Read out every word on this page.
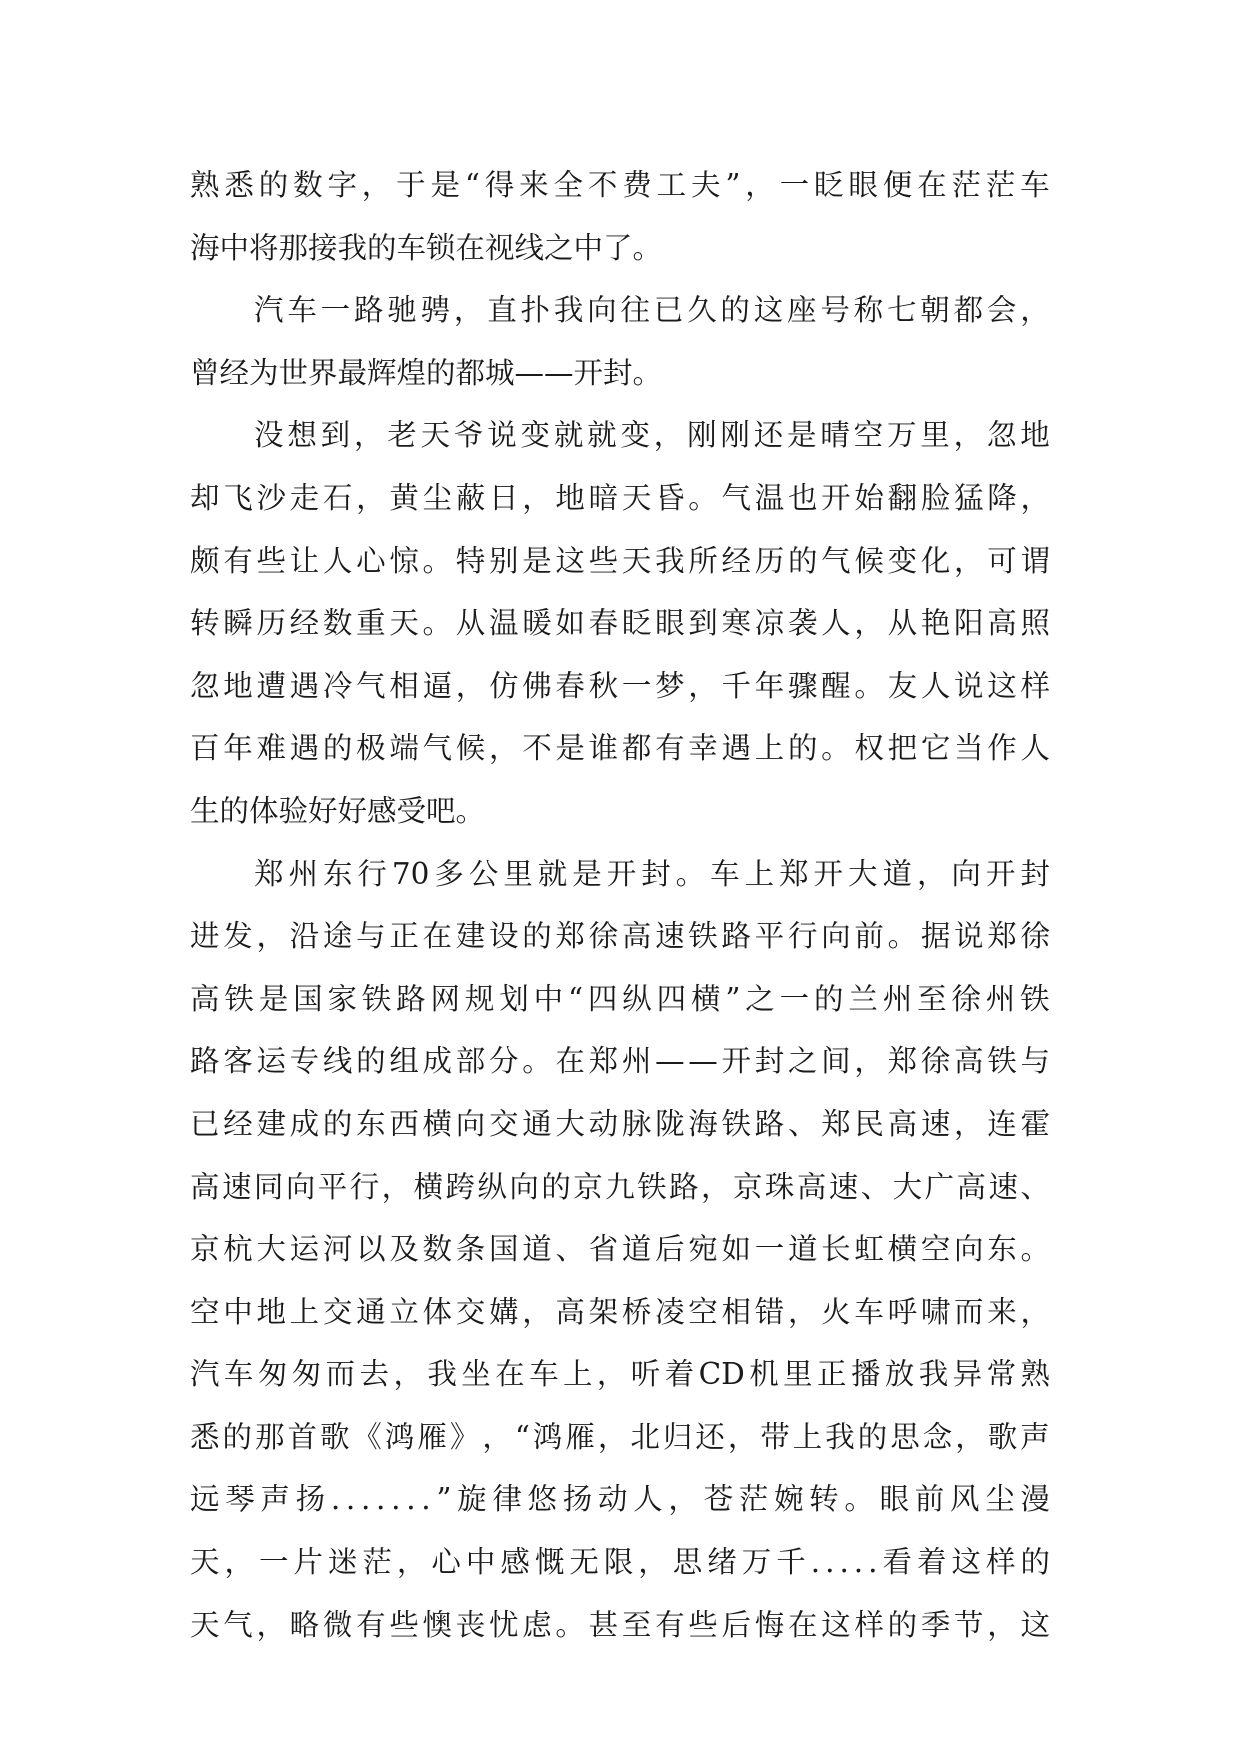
熟 悉 的 数 字 ， 于 是 “ 得 来 全 不 费 工 夫 ” ， 一 眨 眼 便 在 茫 茫 车
海中将那接我的车锁在视线之中了。
汽 车 一 路 驰 骋 ， 直 扑 我 向 往 已 久 的 这 座 号 称 七 朝 都 会 ，
曾经为世界最辉煌的都城——开封。
没 想 到 ， 老 天 爷 说 变 就 就 变 ， 刚 刚 还 是 晴 空 万 里 ， 忽 地
却 飞 沙 走 石 ， 黄 尘 蔽 日 ， 地 暗 天 昏 。 气 温 也 开 始 翻 脸 猛 降 ，
颇 有 些 让 人 心 惊 。 特 别 是 这 些 天 我 所 经 历 的 气 候 变 化 ， 可 谓
转 瞬 历 经 数 重 天 。 从 温 暖 如 春 眨 眼 到 寒 凉 袭 人 ， 从 艳 阳 高 照
忽 地 遭 遇 冷 气 相 逼 ， 仿 佛 春 秋 一 梦 ， 千 年 骤 醒 。 友 人 说 这 样
百 年 难 遇 的 极 端 气 候 ， 不 是 谁 都 有 幸 遇 上 的 。 权 把 它 当 作 人
生的体验好好感受吧。
郑 州 东 行 70 多 公 里 就 是 开 封 。 车 上 郑 开 大 道 ， 向 开 封
进 发 ， 沿 途 与 正 在 建 设 的 郑 徐 高 速 铁 路 平 行 向 前 。 据 说 郑 徐
高 铁 是 国 家 铁 路 网 规 划 中 “ 四 纵 四 横 ” 之 一 的 兰 州 至 徐 州 铁
路 客 运 专 线 的 组 成 部 分 。 在 郑 州 — — 开 封 之 间 ， 郑 徐 高 铁 与
已 经 建 成 的 东 西 横 向 交 通 大 动 脉 陇 海 铁 路 、 郑 民 高 速 ， 连 霍
高 速 同 向 平 行 ， 横 跨 纵 向 的 京 九 铁 路 ， 京 珠 高 速 、 大 广 高 速 、
京 杭 大 运 河 以 及 数 条 国 道 、 省 道 后 宛 如 一 道 长 虹 横 空 向 东 。
空 中 地 上 交 通 立 体 交 媾 ， 高 架 桥 凌 空 相 错 ， 火 车 呼 啸 而 来 ，
汽 车 匆 匆 而 去 ， 我 坐 在 车 上 ， 听 着 CD 机 里 正 播 放 我 异 常 熟
悉 的 那 首 歌 《 鸿 雁 》 ， “ 鸿 雁 ， 北 归 还 ， 带 上 我 的 思 念 ， 歌 声
远 琴 声 扬 . . . . . . . ” 旋 律 悠 扬 动 人 ， 苍 茫 婉 转 。 眼 前 风 尘 漫
天 ， 一 片 迷 茫 ， 心 中 感 慨 无 限 ， 思 绪 万 千 . . . . . 看 着 这 样 的
天 气 ， 略 微 有 些 懊 丧 忧 虑 。 甚 至 有 些 后 悔 在 这 样 的 季 节 ， 这
